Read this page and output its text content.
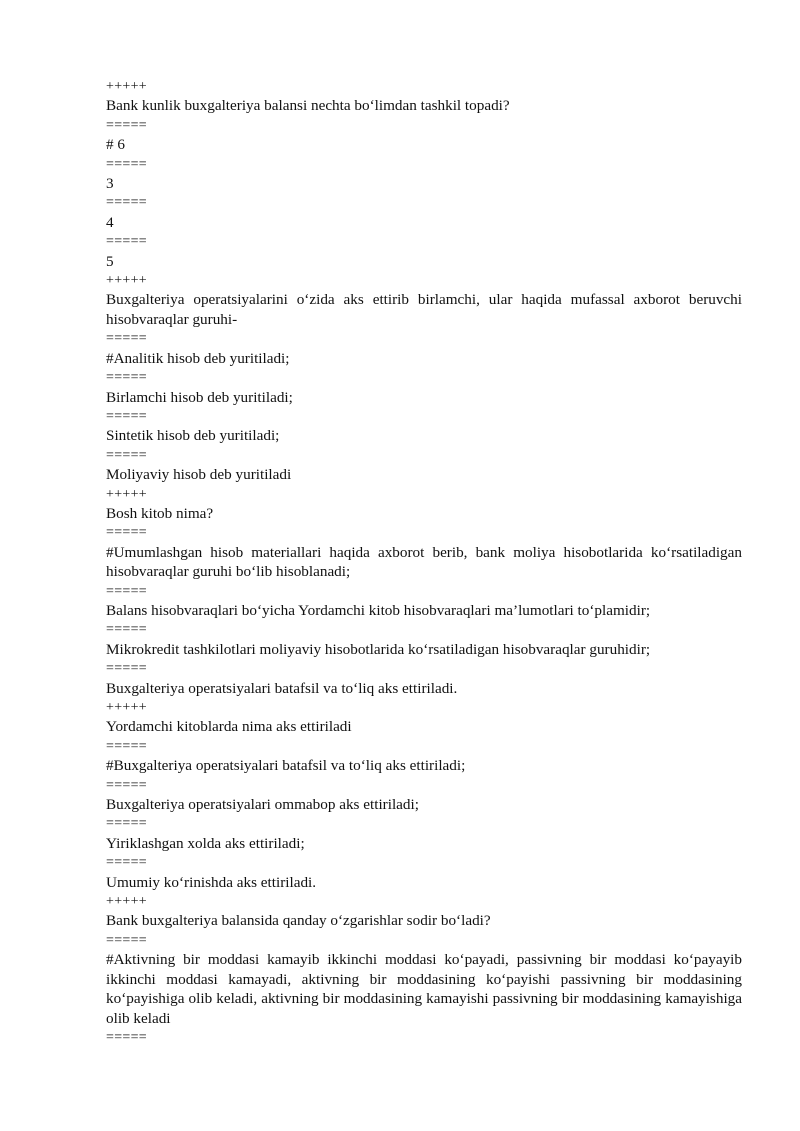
+++++
Bank kunlik buxgalteriya balansi nechta bo‘limdan tashkil topadi?
=====
# 6
=====
3
=====
4
=====
5
+++++
Buxgalteriya operatsiyalarini o‘zida aks ettirib birlamchi, ular haqida mufassal axborot beruvchi hisobvaraqlar guruhi-
=====
#Analitik hisob deb yuritiladi;
=====
Birlamchi hisob deb yuritiladi;
=====
Sintetik hisob deb yuritiladi;
=====
Moliyaviy hisob deb yuritiladi
+++++
Bosh kitob nima?
=====
#Umumlashgan hisob materiallari haqida axborot berib, bank moliya hisobotlarida ko‘rsatiladigan hisobvaraqlar guruhi bo‘lib hisoblanadi;
=====
Balans hisobvaraqlari bo‘yicha Yordamchi kitob hisobvaraqlari ma’lumotlari to‘plamidir;
=====
Mikrokredit tashkilotlari moliyaviy hisobotlarida ko‘rsatiladigan hisobvaraqlar guruhidir;
=====
Buxgalteriya operatsiyalari batafsil va to‘liq aks ettiriladi.
+++++
Yordamchi kitoblarda nima aks ettiriladi
=====
#Buxgalteriya operatsiyalari batafsil va to‘liq aks ettiriladi;
=====
Buxgalteriya operatsiyalari ommabop aks ettiriladi;
=====
Yiriklashgan xolda aks ettiriladi;
=====
Umumiy ko‘rinishda aks ettiriladi.
+++++
Bank buxgalteriya balansida qanday o‘zgarishlar sodir bo‘ladi?
=====
#Aktivning bir moddasi kamayib ikkinchi moddasi ko‘payadi, passivning bir moddasi ko‘payayib ikkinchi moddasi kamayadi, aktivning bir moddasining ko‘payishi passivning bir moddasining ko‘payishiga olib keladi, aktivning bir moddasining kamayishi passivning bir moddasining kamayishiga olib keladi
=====
